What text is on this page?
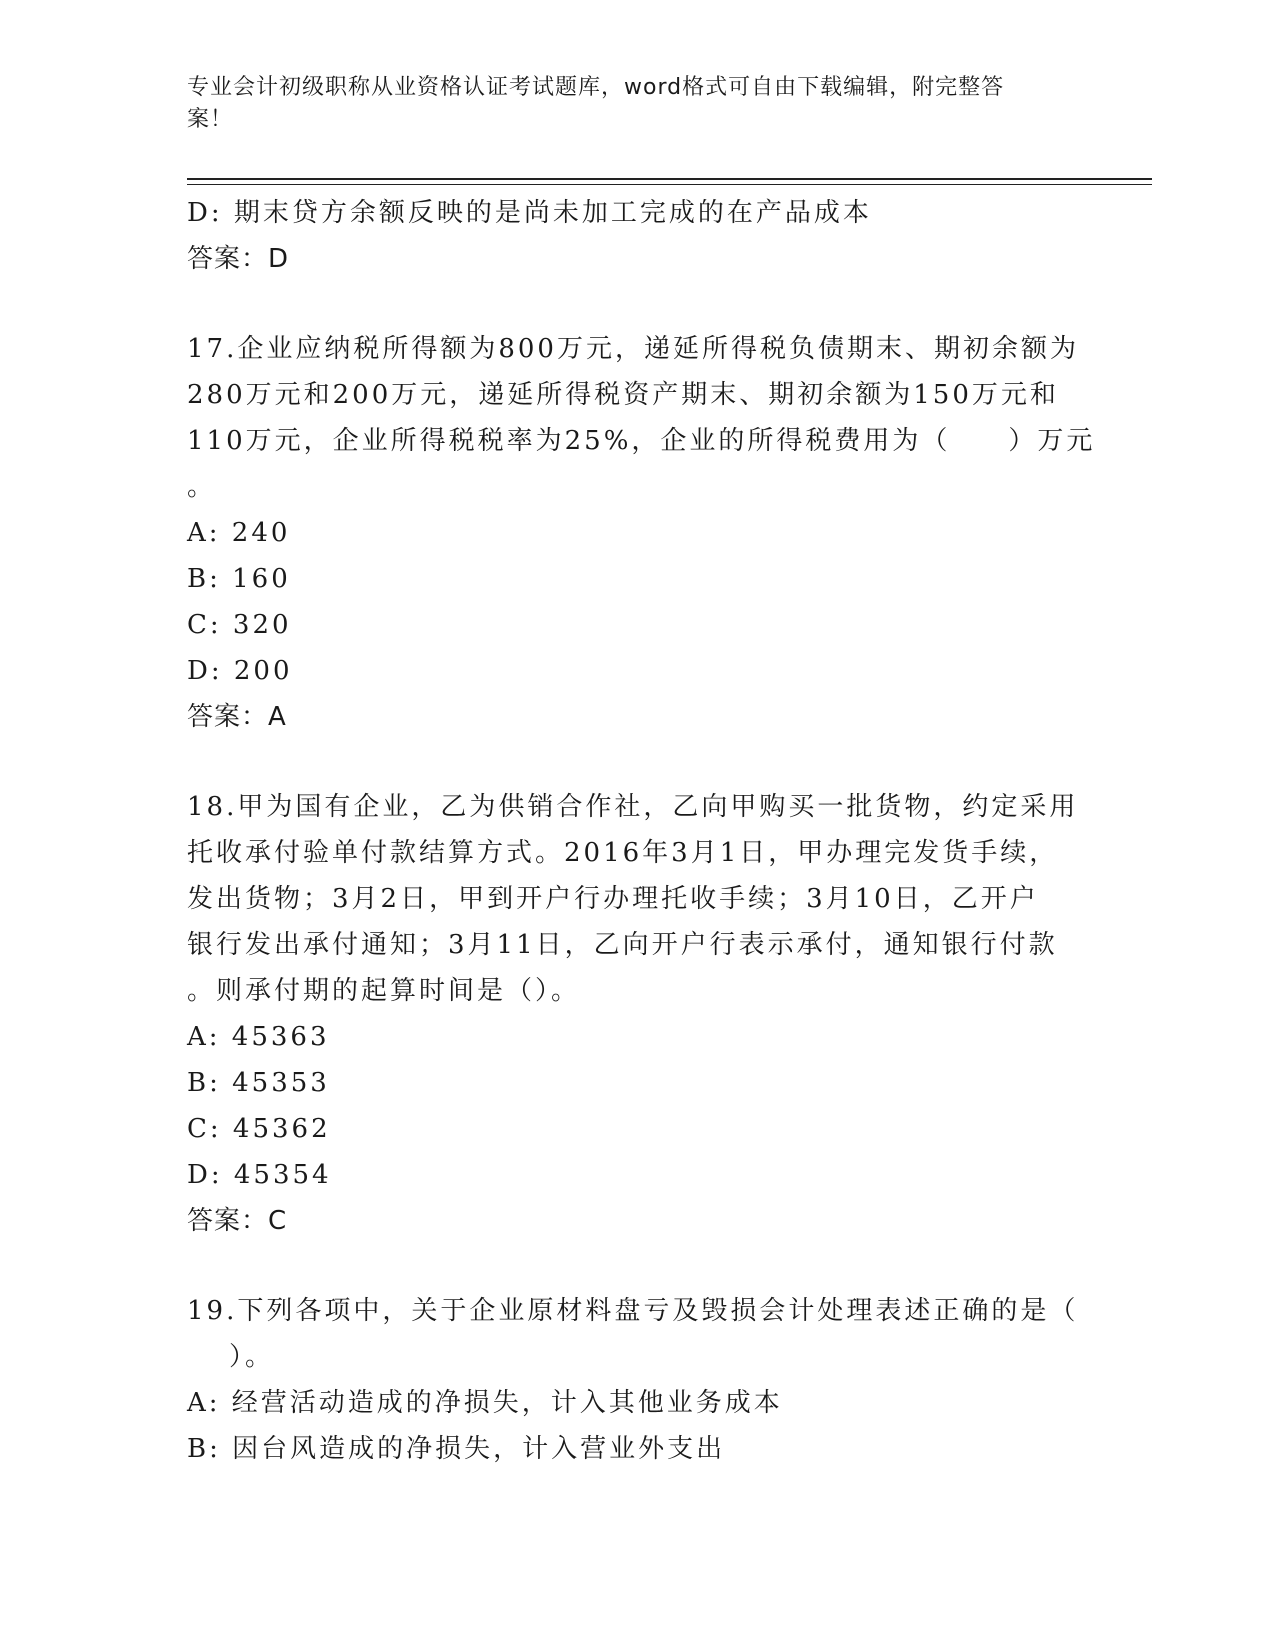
专业会计初级职称从业资格认证考试题库，word格式可自由下载编辑，附完整答
案！
D: 期末贷方余额反映的是尚未加工完成的在产品成本
答案：D
17.企业应纳税所得额为800万元，递延所得税负债期末、期初余额为
280万元和200万元，递延所得税资产期末、期初余额为150万元和
110万元，企业所得税税率为25%，企业的所得税费用为（　　）万元
。
A: 240
B: 160
C: 320
D: 200
答案：A
18.甲为国有企业，乙为供销合作社，乙向甲购买一批货物，约定采用
托收承付验单付款结算方式。2016年3月1日，甲办理完发货手续，
发出货物；3月2日，甲到开户行办理托收手续；3月10日，乙开户
银行发出承付通知；3月11日，乙向开户行表示承付，通知银行付款
。则承付期的起算时间是（）。
A: 45363
B: 45353
C: 45362
D: 45354
答案：C
19.下列各项中，关于企业原材料盘亏及毁损会计处理表述正确的是（
）。
A: 经营活动造成的净损失，计入其他业务成本
B: 因台风造成的净损失，计入营业外支出
